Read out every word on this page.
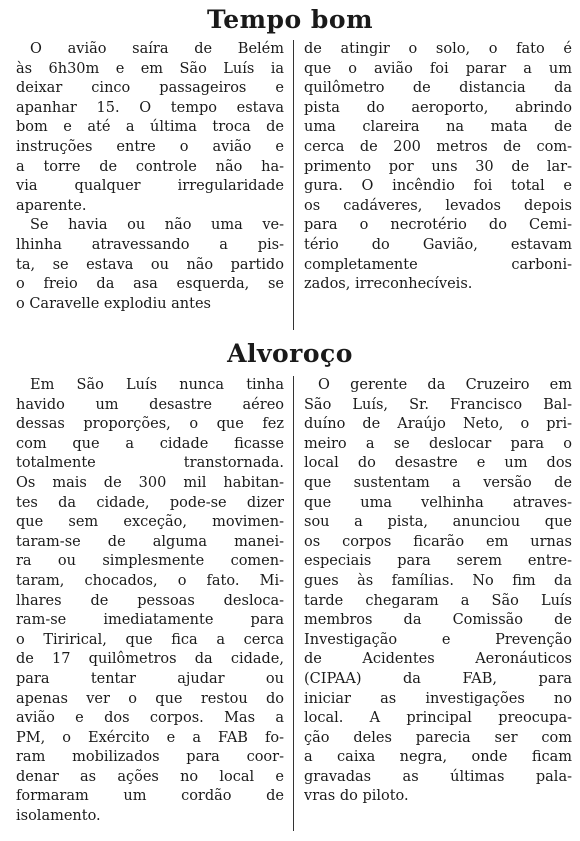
Tempo bom
O avião saíra de Belém
às 6h30m e em São Luís ia
deixar cinco passageiros e
apanhar 15. O tempo estava
bom e até a última troca de
instruções entre o avião e
a torre de controle não ha-
via qualquer irregularidade
aparente.
Se havia ou não uma ve-
lhinha atravessando a pis-
ta, se estava ou não partido
o freio da asa esquerda, se
o Caravelle explodiu antes
de atingir o solo, o fato é
que o avião foi parar a um
quilômetro de distancia da
pista do aeroporto, abrindo
uma clareira na mata de
cerca de 200 metros de com-
primento por uns 30 de lar-
gura. O incêndio foi total e
os cadáveres, levados depois
para o necrotério do Cemi-
tério do Gavião, estavam
completamente carboni-
zados, irreconhecíveis.
Alvoroço
Em São Luís nunca tinha
havido um desastre aéreo
dessas proporções, o que fez
com que a cidade ficasse
totalmente transtornada.
Os mais de 300 mil habitan-
tes da cidade, pode-se dizer
que sem exceção, movimen-
taram-se de alguma manei-
ra ou simplesmente comen-
taram, chocados, o fato. Mi-
lhares de pessoas desloca-
ram-se imediatamente para
o Tirirical, que fica a cerca
de 17 quilômetros da cidade,
para tentar ajudar ou
apenas ver o que restou do
avião e dos corpos. Mas a
PM, o Exército e a FAB fo-
ram mobilizados para coor-
denar as ações no local e
formaram um cordão de
isolamento.
O gerente da Cruzeiro em
São Luís, Sr. Francisco Bal-
duíno de Araújo Neto, o pri-
meiro a se deslocar para o
local do desastre e um dos
que sustentam a versão de
que uma velhinha atraves-
sou a pista, anunciou que
os corpos ficarão em urnas
especiais para serem entre-
gues às famílias. No fim da
tarde chegaram a São Luís
membros da Comissão de
Investigação e Prevenção
de Acidentes Aeronáuticos
(CIPAA) da FAB, para
iniciar as investigações no
local. A principal preocupa-
ção deles parecia ser com
a caixa negra, onde ficam
gravadas as últimas pala-
vras do piloto.
